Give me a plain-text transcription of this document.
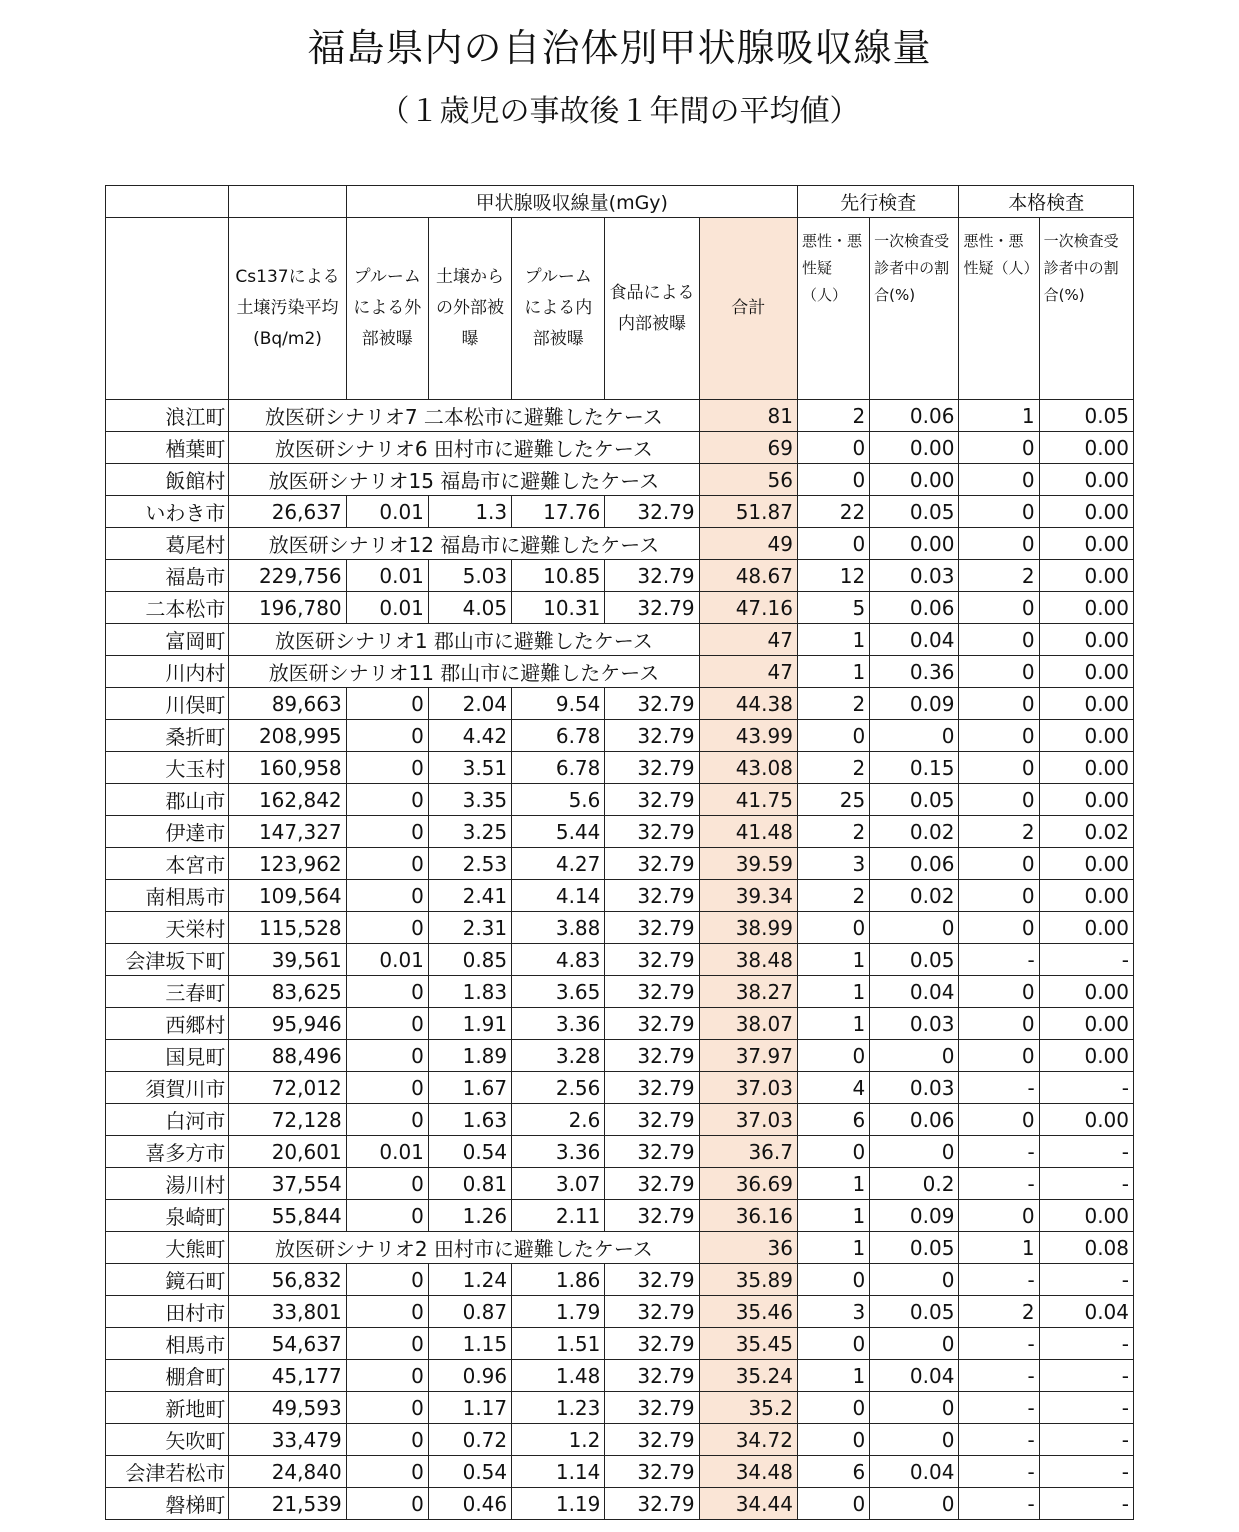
福島県内の自治体別甲状腺吸収線量
（１歳児の事故後１年間の平均値）
		甲状腺吸収線量(mGy)					先行検査		本格検査	
	Cs137による土壌汚染平均(Bq/m2)	プルームによる外部被曝	土壌からの外部被曝	プルームによる内部被曝	食品による内部被曝	合計	悪性・悪性疑（人）	一次検査受診者中の割合(%)	悪性・悪性疑（人）	一次検査受診者中の割合(%)
浪江町	放医研シナリオ7 二本松市に避難したケース					81	2	0.06	1	0.05
楢葉町	放医研シナリオ6 田村市に避難したケース					69	0	0.00	0	0.00
飯館村	放医研シナリオ15 福島市に避難したケース					56	0	0.00	0	0.00
いわき市	26,637	0.01	1.3	17.76	32.79	51.87	22	0.05	0	0.00
葛尾村	放医研シナリオ12 福島市に避難したケース					49	0	0.00	0	0.00
福島市	229,756	0.01	5.03	10.85	32.79	48.67	12	0.03	2	0.00
二本松市	196,780	0.01	4.05	10.31	32.79	47.16	5	0.06	0	0.00
富岡町	放医研シナリオ1 郡山市に避難したケース					47	1	0.04	0	0.00
川内村	放医研シナリオ11 郡山市に避難したケース					47	1	0.36	0	0.00
川俣町	89,663	0	2.04	9.54	32.79	44.38	2	0.09	0	0.00
桑折町	208,995	0	4.42	6.78	32.79	43.99	0	0	0	0.00
大玉村	160,958	0	3.51	6.78	32.79	43.08	2	0.15	0	0.00
郡山市	162,842	0	3.35	5.6	32.79	41.75	25	0.05	0	0.00
伊達市	147,327	0	3.25	5.44	32.79	41.48	2	0.02	2	0.02
本宮市	123,962	0	2.53	4.27	32.79	39.59	3	0.06	0	0.00
南相馬市	109,564	0	2.41	4.14	32.79	39.34	2	0.02	0	0.00
天栄村	115,528	0	2.31	3.88	32.79	38.99	0	0	0	0.00
会津坂下町	39,561	0.01	0.85	4.83	32.79	38.48	1	0.05	-	-
三春町	83,625	0	1.83	3.65	32.79	38.27	1	0.04	0	0.00
西郷村	95,946	0	1.91	3.36	32.79	38.07	1	0.03	0	0.00
国見町	88,496	0	1.89	3.28	32.79	37.97	0	0	0	0.00
須賀川市	72,012	0	1.67	2.56	32.79	37.03	4	0.03	-	-
白河市	72,128	0	1.63	2.6	32.79	37.03	6	0.06	0	0.00
喜多方市	20,601	0.01	0.54	3.36	32.79	36.7	0	0	-	-
湯川村	37,554	0	0.81	3.07	32.79	36.69	1	0.2	-	-
泉崎町	55,844	0	1.26	2.11	32.79	36.16	1	0.09	0	0.00
大熊町	放医研シナリオ2 田村市に避難したケース					36	1	0.05	1	0.08
鏡石町	56,832	0	1.24	1.86	32.79	35.89	0	0	-	-
田村市	33,801	0	0.87	1.79	32.79	35.46	3	0.05	2	0.04
相馬市	54,637	0	1.15	1.51	32.79	35.45	0	0	-	-
棚倉町	45,177	0	0.96	1.48	32.79	35.24	1	0.04	-	-
新地町	49,593	0	1.17	1.23	32.79	35.2	0	0	-	-
矢吹町	33,479	0	0.72	1.2	32.79	34.72	0	0	-	-
会津若松市	24,840	0	0.54	1.14	32.79	34.48	6	0.04	-	-
磐梯町	21,539	0	0.46	1.19	32.79	34.44	0	0	-	-
